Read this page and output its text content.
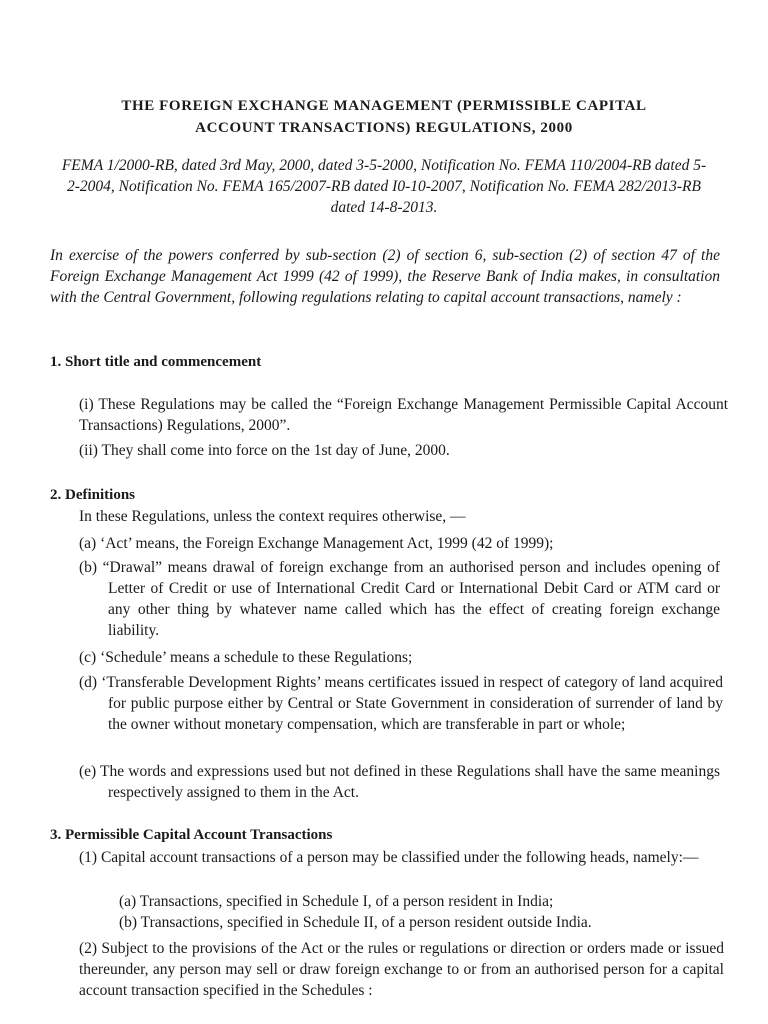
THE FOREIGN EXCHANGE MANAGEMENT (PERMISSIBLE CAPITAL
ACCOUNT TRANSACTIONS) REGULATIONS, 2000
FEMA 1/2000-RB, dated 3rd May, 2000, dated 3-5-2000, Notification No. FEMA 110/2004-RB dated 5-2-2004, Notification No. FEMA 165/2007-RB dated I0-10-2007, Notification No. FEMA 282/2013-RB dated 14-8-2013.
In exercise of the powers conferred by sub-section (2) of section 6, sub-section (2) of section 47 of the Foreign Exchange Management Act 1999 (42 of 1999), the Reserve Bank of India makes, in consultation with the Central Government, following regulations relating to capital account transactions, namely :
1. Short title and commencement
(i) These Regulations may be called the “Foreign Exchange Management Permissible Capital Account Transactions) Regulations, 2000”.
(ii) They shall come into force on the 1st day of June, 2000.
2. Definitions
In these Regulations, unless the context requires otherwise, —
(a) ‘Act’ means, the Foreign Exchange Management Act, 1999 (42 of 1999);
(b) “Drawal” means drawal of foreign exchange from an authorised person and includes opening of Letter of Credit or use of International Credit Card or International Debit Card or ATM card or any other thing by whatever name called which has the effect of creating foreign exchange liability.
(c) ‘Schedule’ means a schedule to these Regulations;
(d) ‘Transferable Development Rights’ means certificates issued in respect of category of land acquired for public purpose either by Central or State Government in consideration of surrender of land by the owner without monetary compensation, which are transferable in part or whole;
(e) The words and expressions used but not defined in these Regulations shall have the same meanings respectively assigned to them in the Act.
3. Permissible Capital Account Transactions
(1) Capital account transactions of a person may be classified under the following heads, namely:—
(a) Transactions, specified in Schedule I, of a person resident in India;
(b) Transactions, specified in Schedule II, of a person resident outside India.
(2) Subject to the provisions of the Act or the rules or regulations or direction or orders made or issued thereunder, any person may sell or draw foreign exchange to or from an authorised person for a capital account transaction specified in the Schedules :
